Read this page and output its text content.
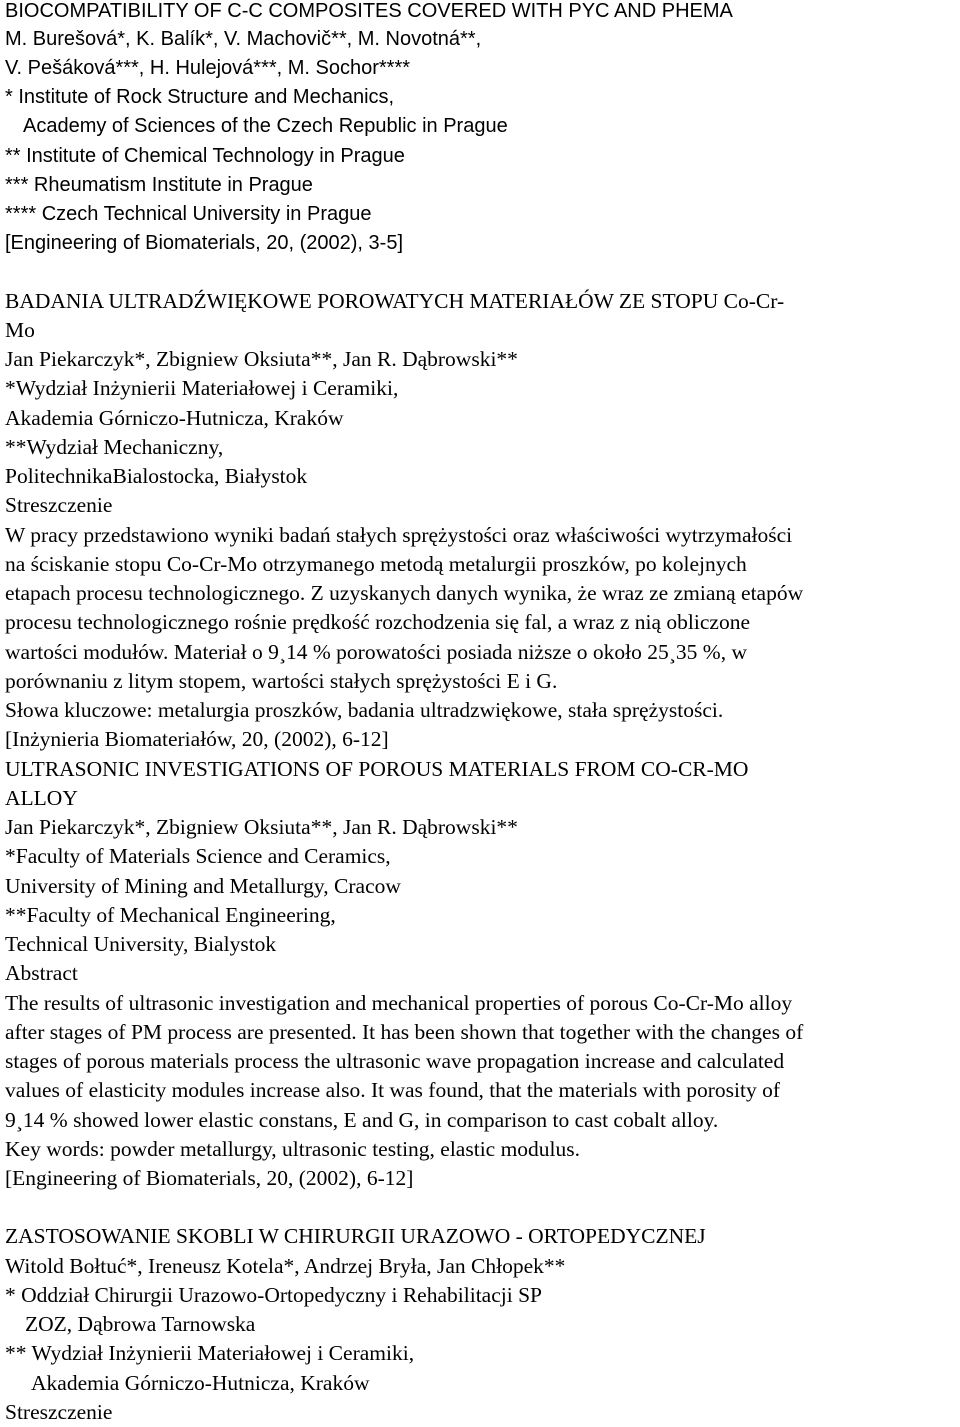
BIOCOMPATIBILITY OF C-C COMPOSITES COVERED WITH PYC AND PHEMA
M. Burešová*, K. Balík*, V. Machovič**, M. Novotná**,
V. Pešáková***, H. Hulejová***, M. Sochor****
* Institute of Rock Structure and Mechanics,
Academy of Sciences of the Czech Republic in Prague
** Institute of Chemical Technology in Prague
*** Rheumatism Institute in Prague
**** Czech Technical University in Prague
[Engineering of Biomaterials, 20, (2002), 3-5]
BADANIA ULTRADŹWIĘKOWE POROWATYCH MATERIAŁÓW ZE STOPU Co-Cr-
Mo
Jan Piekarczyk*, Zbigniew Oksiuta**, Jan R. Dąbrowski**
*Wydział Inżynierii Materiałowej i Ceramiki,
Akademia Górniczo-Hutnicza, Kraków
**Wydział Mechaniczny,
PolitechnikaBialostocka, Białystok
Streszczenie
W pracy przedstawiono wyniki badań stałych sprężystości oraz właściwości wytrzymałości
na ściskanie stopu Co-Cr-Mo otrzymanego metodą metalurgii proszków, po kolejnych
etapach procesu technologicznego. Z uzyskanych danych wynika, że wraz ze zmianą etapów
procesu technologicznego rośnie prędkość rozchodzenia się fal, a wraz z nią obliczone
wartości modułów. Materiał o 9¸14 % porowatości posiada niższe o około 25¸35 %, w
porównaniu z litym stopem, wartości stałych sprężystości E i G.
Słowa kluczowe: metalurgia proszków, badania ultradzwiękowe, stała sprężystości.
[Inżynieria Biomateriałów, 20, (2002), 6-12]
ULTRASONIC INVESTIGATIONS OF POROUS MATERIALS FROM CO-CR-MO
ALLOY
Jan Piekarczyk*, Zbigniew Oksiuta**, Jan R. Dąbrowski**
*Faculty of Materials Science and Ceramics,
University of Mining and Metallurgy, Cracow
**Faculty of Mechanical Engineering,
Technical University, Bialystok
Abstract
The results of ultrasonic investigation and mechanical properties of porous Co-Cr-Mo alloy
after stages of PM process are presented. It has been shown that together with the changes of
stages of porous materials process the ultrasonic wave propagation increase and calculated
values of elasticity modules increase also. It was found, that the materials with porosity of
9¸14 % showed lower elastic constans, E and G, in comparison to cast cobalt alloy.
Key words: powder metallurgy, ultrasonic testing, elastic modulus.
[Engineering of Biomaterials, 20, (2002), 6-12]
ZASTOSOWANIE SKOBLI W CHIRURGII URAZOWO - ORTOPEDYCZNEJ
Witold Bołtuć*, Ireneusz Kotela*, Andrzej Bryła, Jan Chłopek**
* Oddział Chirurgii Urazowo-Ortopedyczny i Rehabilitacji SP
ZOZ, Dąbrowa Tarnowska
** Wydział Inżynierii Materiałowej i Ceramiki,
Akademia Górniczo-Hutnicza, Kraków
Streszczenie
